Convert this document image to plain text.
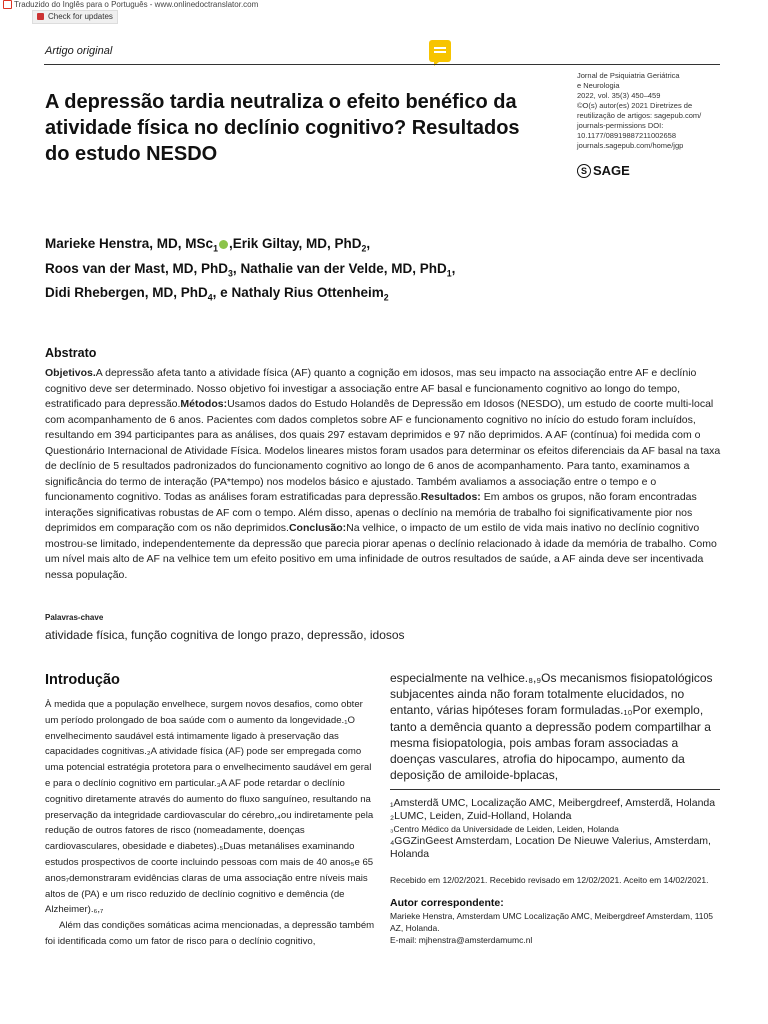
Traduzido do Inglês para o Português - www.onlinedoctranslator.com
Check for updates
Artigo original
A depressão tardia neutraliza o efeito benéfico da atividade física no declínio cognitivo? Resultados do estudo NESDO
Jornal de Psiquiatria Geriátrica
e Neurologia
2022, vol. 35(3) 450–459
©O(s) autor(es) 2021 Diretrizes de reutilização de artigos: sagepub.com/ journals-permissions DOI: 10.1177/08919887211002658
journals.sagepub.com/home/jgp
S SAGE
Marieke Henstra, MD, MSc$_1$ ,Erik Giltay, MD, PhD$_2$,
Roos van der Mast, MD, PhD$_3$, Nathalie van der Velde, MD, PhD$_1$,
Didi Rhebergen, MD, PhD$_4$, e Nathaly Rius Ottenheim$_2$
Abstrato

Objetivos.A depressão afeta tanto a atividade física (AF) quanto a cognição em idosos, mas seu impacto na associação entre AF e declínio cognitivo deve ser determinado. Nosso objetivo foi investigar a associação entre AF basal e funcionamento cognitivo ao longo do tempo, estratificado para depressão.Métodos:Usamos dados do Estudo Holandês de Depressão em Idosos (NESDO), um estudo de coorte multi-local com acompanhamento de 6 anos. Pacientes com dados completos sobre AF e funcionamento cognitivo no início do estudo foram incluídos, resultando em 394 participantes para as análises, dos quais 297 estavam deprimidos e 97 não deprimidos. A AF (contínua) foi medida com o Questionário Internacional de Atividade Física. Modelos lineares mistos foram usados para determinar os efeitos diferenciais da AF basal na taxa de declínio de 5 resultados padronizados do funcionamento cognitivo ao longo de 6 anos de acompanhamento. Para tanto, examinamos a significância do termo de interação (PA*tempo) nos modelos básico e ajustado. Também avaliamos a associação entre o tempo e o funcionamento cognitivo. Todas as análises foram estratificadas para depressão.Resultados: Em ambos os grupos, não foram encontradas interações significativas robustas de AF com o tempo. Além disso, apenas o declínio na memória de trabalho foi significativamente pior nos deprimidos em comparação com os não deprimidos.Conclusão:Na velhice, o impacto de um estilo de vida mais inativo no declínio cognitivo mostrou-se limitado, independentemente da depressão que parecia piorar apenas o declínio relacionado à idade da memória de trabalho. Como um nível mais alto de AF na velhice tem um efeito positivo em uma infinidade de outros resultados de saúde, a AF ainda deve ser incentivada nessa população.

Palavras-chave
atividade física, função cognitiva de longo prazo, depressão, idosos
Introdução

À medida que a população envelhece, surgem novos desafios, como obter um período prolongado de boa saúde com o aumento da longevidade.₁O envelhecimento saudável está intimamente ligado à preservação das capacidades cognitivas.₂A atividade física (AF) pode ser empregada como uma potencial estratégia protetora para o envelhecimento saudável em geral e para o declínio cognitivo em particular.₃A AF pode retardar o declínio cognitivo diretamente através do aumento do fluxo sanguíneo, resultando na preservação da integridade cardiovascular do cérebro,₄ou indiretamente pela redução de outros fatores de risco (nomeadamente, doenças cardiovasculares, obesidade e diabetes).₅Duas metanálises examinando estudos prospectivos de coorte incluindo pessoas com mais de 40 anos₅e 65 anos₇demonstraram evidências claras de uma associação entre níveis mais altos de (PA) e um risco reduzido de declínio cognitivo e demência (de Alzheimer).₆,₇

Além das condições somáticas acima mencionadas, a depressão também foi identificada como um fator de risco para o declínio cognitivo,

especialmente na velhice.₈,₉Os mecanismos fisiopatológicos subjacentes ainda não foram totalmente elucidados, no entanto, várias hipóteses foram formuladas.₁₀Por exemplo, tanto a demência quanto a depressão podem compartilhar a mesma fisiopatologia, pois ambas foram associadas a doenças vasculares, atrofia do hipocampo, aumento da deposição de amiloide-bplacas,

₁Amsterdã UMC, Localização AMC, Meibergdreef, Amsterdã, Holanda
₂LUMC, Leiden, Zuid-Holland, Holanda
₃Centro Médico da Universidade de Leiden, Leiden, Holanda
₄GGZinGeest Amsterdam, Location De Nieuwe Valerius, Amsterdam, Holanda
Recebido em 12/02/2021. Recebido revisado em 12/02/2021. Aceito em 14/02/2021.
Autor correspondente:
Marieke Henstra, Amsterdam UMC Localização AMC, Meibergdreef Amsterdam, 1105 AZ, Holanda.
E-mail: mjhenstra@amsterdamumc.nl
